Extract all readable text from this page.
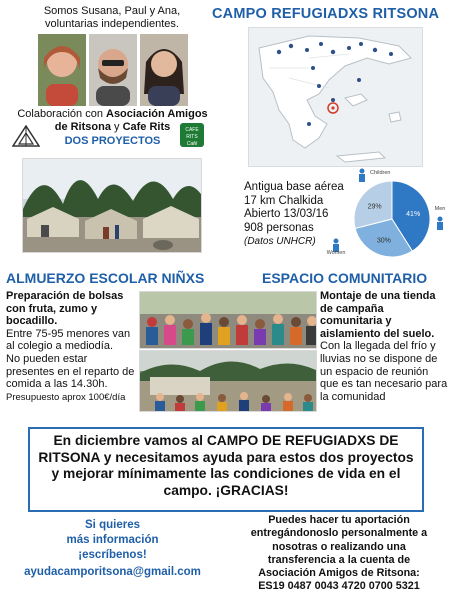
Somos Susana, Paul y Ana,
voluntarias independientes.
Colaboración con Asociación Amigos
de Ritsona y Cafe Rits
DOS PROYECTOS
CAFE RITS
Café
CAMPO REFUGIADXS RITSONA
Antigua base aérea
17 km Chalkida
Abierto 13/03/16
908 personas
(Datos UNHCR)
41%
30%
29%
Children
Men
Women
ALMUERZO ESCOLAR NIÑXS	ESPACIO COMUNITARIO
Preparación de bolsas con fruta, zumo y bocadillo.
Entre 75-95 menores van al colegio a mediodía.
No pueden estar presentes en el reparto de comida a las 14.30h.
Presupuesto aprox 100€/día
Montaje de una tienda de campaña comunitaria y aislamiento del suelo.
Con la llegada del frío y lluvias no se dispone de un espacio de reunión que es tan necesario para la comunidad
En diciembre vamos al CAMPO DE REFUGIADXS DE RITSONA y necesitamos ayuda para estos dos proyectos y mejorar mínimamente las condiciones de vida en el campo. ¡GRACIAS!
Si quieres
más información
¡escríbenos!
ayudacamporitsona@gmail.com
Puedes hacer tu aportación
entregándonoslo personalmente a
nosotras o realizando una
transferencia a la cuenta de
Asociación Amigos de Ritsona:
ES19 0487 0043 4720 0700 5321
